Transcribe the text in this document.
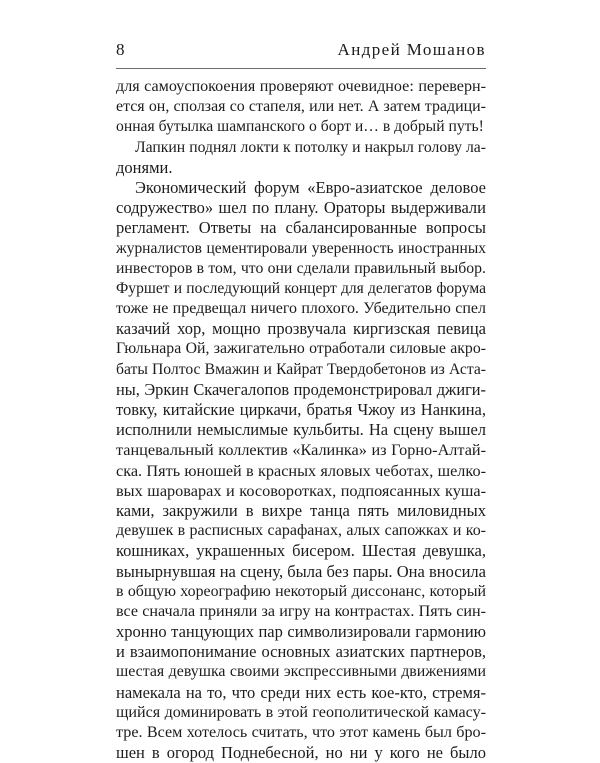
8	Андрей Мошанов
для самоуспокоения проверяют очевидное: переверн-
ется он, сползая со стапеля, или нет. А затем традици-
онная бутылка шампанского о борт и… в добрый путь!
Лапкин поднял локти к потолку и накрыл голову ла-
донями.
Экономический форум «Евро-азиатское деловое
содружество» шел по плану. Ораторы выдерживали
регламент. Ответы на сбалансированные вопросы
журналистов цементировали уверенность иностранных
инвесторов в том, что они сделали правильный выбор.
Фуршет и последующий концерт для делегатов форума
тоже не предвещал ничего плохого. Убедительно спел
казачий хор, мощно прозвучала киргизская певица
Гюльнара Ой, зажигательно отработали силовые акро-
баты Полтос Вмажин и Кайрат Твердобетонов из Аста-
ны, Эркин Скачегалопов продемонстрировал джиги-
товку, китайские циркачи, братья Чжоу из Нанкина,
исполнили немыслимые кульбиты. На сцену вышел
танцевальный коллектив «Калинка» из Горно-Алтай-
ска. Пять юношей в красных яловых чеботах, шелко-
вых шароварах и косоворотках, подпоясанных куша-
ками, закружили в вихре танца пять миловидных
девушек в расписных сарафанах, алых сапожках и ко-
кошниках, украшенных бисером. Шестая девушка,
вынырнувшая на сцену, была без пары. Она вносила
в общую хореографию некоторый диссонанс, который
все сначала приняли за игру на контрастах. Пять син-
хронно танцующих пар символизировали гармонию
и взаимопонимание основных азиатских партнеров,
шестая девушка своими экспрессивными движениями
намекала на то, что среди них есть кое-кто, стремя-
щийся доминировать в этой геополитической камасу-
тре. Всем хотелось считать, что этот камень был бро-
шен в огород Поднебесной, но ни у кого не было
